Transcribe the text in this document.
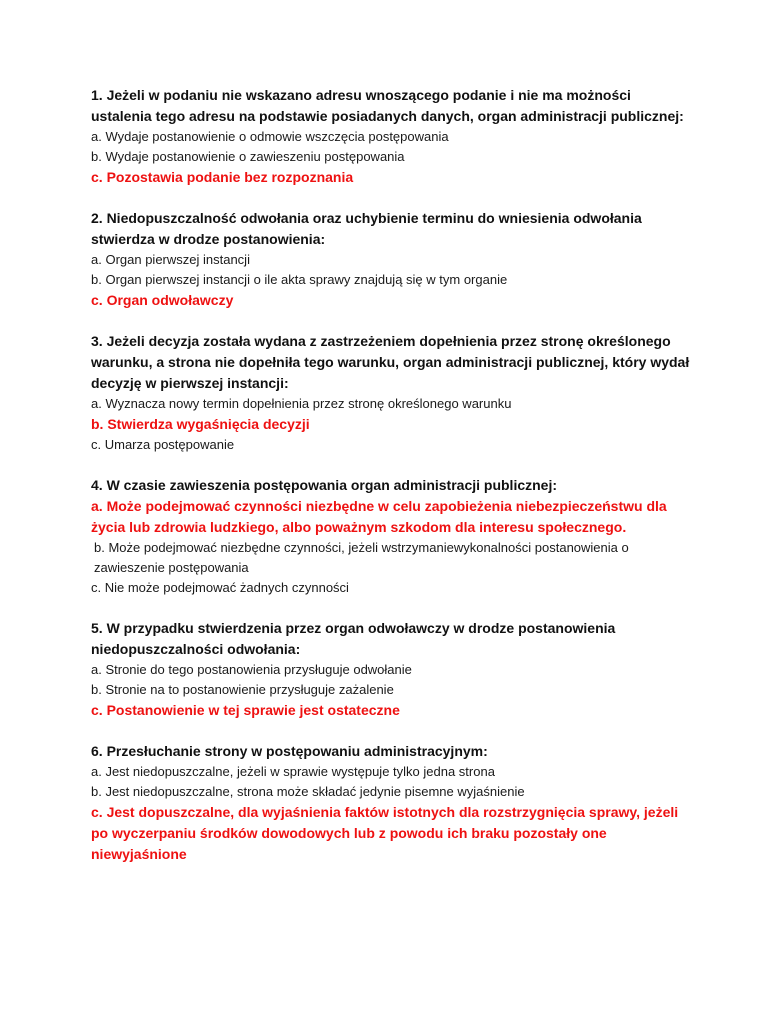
1. Jeżeli w podaniu nie wskazano adresu wnoszącego podanie i nie ma możności ustalenia tego adresu na podstawie posiadanych danych, organ administracji publicznej:

a. Wydaje postanowienie o odmowie wszczęcia postępowania

b. Wydaje postanowienie o zawieszeniu postępowania

c. Pozostawia podanie bez rozpoznania

2. Niedopuszczalność odwołania oraz uchybienie terminu do wniesienia odwołania stwierdza w drodze postanowienia:

a. Organ pierwszej instancji

b. Organ pierwszej instancji o ile akta sprawy znajdują się w tym organie

c. Organ odwoławczy

3. Jeżeli decyzja została wydana z zastrzeżeniem dopełnienia przez stronę określonego warunku, a strona nie dopełniła tego warunku, organ administracji publicznej, który wydał decyzję w pierwszej instancji:

a. Wyznacza nowy termin dopełnienia przez stronę określonego warunku

b. Stwierdza wygaśnięcia decyzji

c. Umarza postępowanie

4. W czasie zawieszenia postępowania organ administracji publicznej:

a. Może podejmować czynności niezbędne w celu zapobieżenia niebezpieczeństwu dla życia lub zdrowia ludzkiego, albo poważnym szkodom dla interesu społecznego.

b. Może podejmować niezbędne czynności, jeżeli wstrzymaniewykonalności postanowienia o zawieszenie postępowania

c. Nie może podejmować żadnych czynności

5. W przypadku stwierdzenia przez organ odwoławczy w drodze postanowienia niedopuszczalności odwołania:

a. Stronie do tego postanowienia przysługuje odwołanie

b. Stronie na to postanowienie przysługuje zażalenie

c. Postanowienie w tej sprawie jest ostateczne

6. Przesłuchanie strony w postępowaniu administracyjnym:

a. Jest niedopuszczalne, jeżeli w sprawie występuje tylko jedna strona

b. Jest niedopuszczalne, strona może składać jedynie pisemne wyjaśnienie

c. Jest dopuszczalne, dla wyjaśnienia faktów istotnych dla rozstrzygnięcia sprawy, jeżeli po wyczerpaniu środków dowodowych lub z powodu ich braku pozostały one niewyjaśnione
